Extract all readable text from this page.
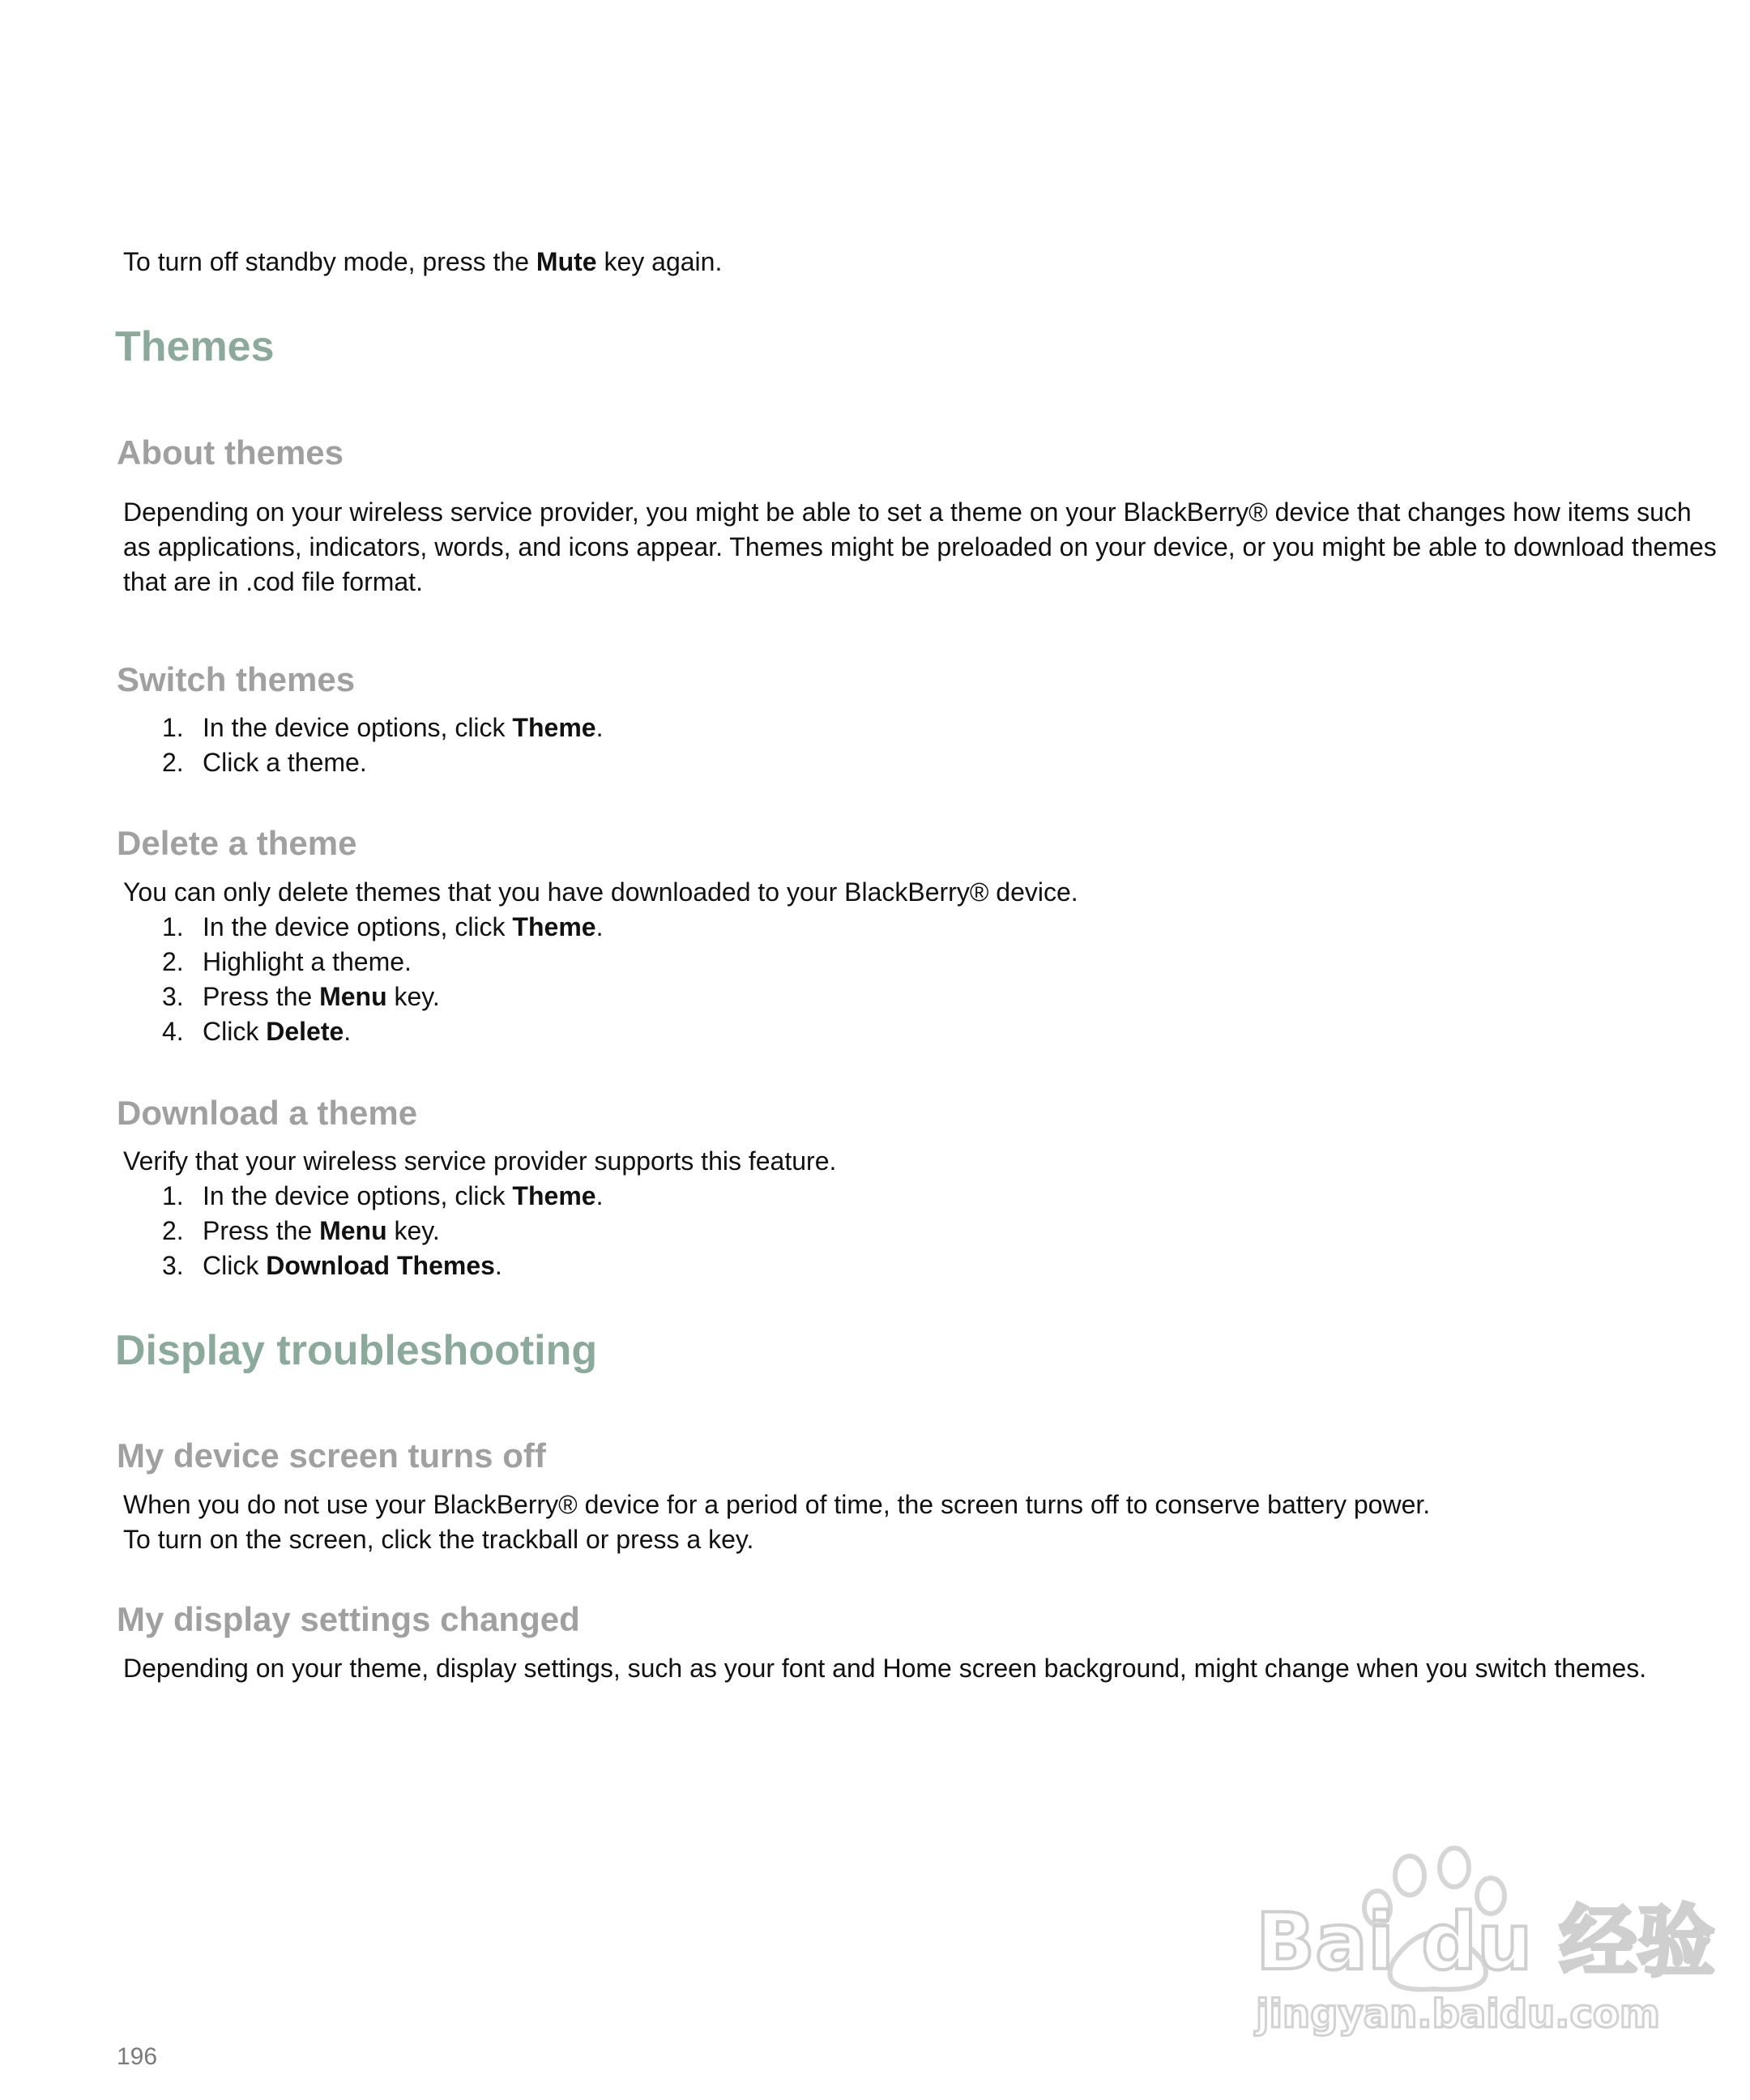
To turn off standby mode, press the Mute key again.
Themes
About themes
Depending on your wireless service provider, you might be able to set a theme on your BlackBerry® device that changes how items such
as applications, indicators, words, and icons appear. Themes might be preloaded on your device, or you might be able to download themes
that are in .cod file format.
Switch themes
1. In the device options, click Theme.
2. Click a theme.
Delete a theme
You can only delete themes that you have downloaded to your BlackBerry® device.
1. In the device options, click Theme.
2. Highlight a theme.
3. Press the Menu key.
4. Click Delete.
Download a theme
Verify that your wireless service provider supports this feature.
1. In the device options, click Theme.
2. Press the Menu key.
3. Click Download Themes.
Display troubleshooting
My device screen turns off
When you do not use your BlackBerry® device for a period of time, the screen turns off to conserve battery power.
To turn on the screen, click the trackball or press a key.
My display settings changed
Depending on your theme, display settings, such as your font and Home screen background, might change when you switch themes.
Bai du 经验
jingyan.baidu.com
196
